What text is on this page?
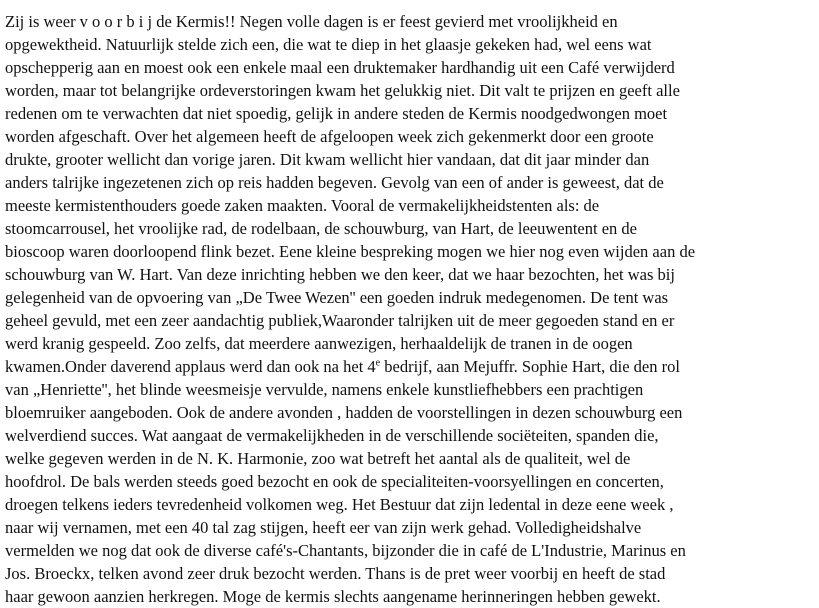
Zij is weer v o o r b i j de Kermis!! Negen volle dagen is er feest gevierd met vroolijkheid en
opgewektheid. Natuurlijk stelde zich een, die wat te diep in het glaasje gekeken had, wel eens wat
opschepperig aan en moest ook een enkele maal een druktemaker hardhandig uit een Café verwijderd
worden, maar tot belangrijke ordeverstoringen kwam het gelukkig niet. Dit valt te prijzen en geeft alle
redenen om te verwachten dat niet spoedig, gelijk in andere steden de Kermis noodgedwongen moet
worden afgeschaft. Over het algemeen heeft de afgeloopen week zich gekenmerkt door een groote
drukte, grooter wellicht dan vorige jaren. Dit kwam wellicht hier vandaan, dat dit jaar minder dan
anders talrijke ingezetenen zich op reis hadden begeven. Gevolg van een of ander is geweest, dat de
meeste kermistenthouders goede zaken maakten. Vooral de vermakelijkheidstenten als: de
stoomcarrousel, het vroolijke rad, de rodelbaan, de schouwburg, van Hart, de leeuwentent en de
bioscoop waren doorloopend flink bezet. Eene kleine bespreking mogen we hier nog even wijden aan de
schouwburg van W. Hart. Van deze inrichting hebben we den keer, dat we haar bezochten, het was bij
gelegenheid van de opvoering van „De Twee Wezen'' een goeden indruk medegenomen. De tent was
geheel gevuld, met een zeer aandachtig publiek,Waaronder talrijken uit de meer gegoeden stand en er
werd kranig gespeeld. Zoo zelfs, dat meerdere aanwezigen, herhaaldelijk de tranen in de oogen
kwamen.Onder daverend applaus werd dan ook na het 4e bedrijf, aan Mejuffr. Sophie Hart, die den rol
van „Henriette'', het blinde weesmeisje vervulde, namens enkele kunstliefhebbers een prachtigen
bloemruiker aangeboden. Ook de andere avonden , hadden de voorstellingen in dezen schouwburg een
welverdiend succes. Wat aangaat de vermakelijkheden in de verschillende sociëteiten, spanden die,
welke gegeven werden in de N. K. Harmonie, zoo wat betreft het aantal als de qualiteit, wel de
hoofdrol. De bals werden steeds goed bezocht en ook de specialiteiten-voorsyellingen en concerten,
droegen telkens ieders tevredenheid volkomen weg. Het Bestuur dat zijn ledental in deze eene week ,
naar wij vernamen, met een 40 tal zag stijgen, heeft eer van zijn werk gehad. Volledigheidshalve
vermelden we nog dat ook de diverse café's-Chantants, bijzonder die in café de L'Industrie, Marinus en
Jos. Broeckx, telken avond zeer druk bezocht werden. Thans is de pret weer voorbij en heeft de stad
haar gewoon aanzien herkregen. Moge de kermis slechts aangename herinneringen hebben gewekt.
